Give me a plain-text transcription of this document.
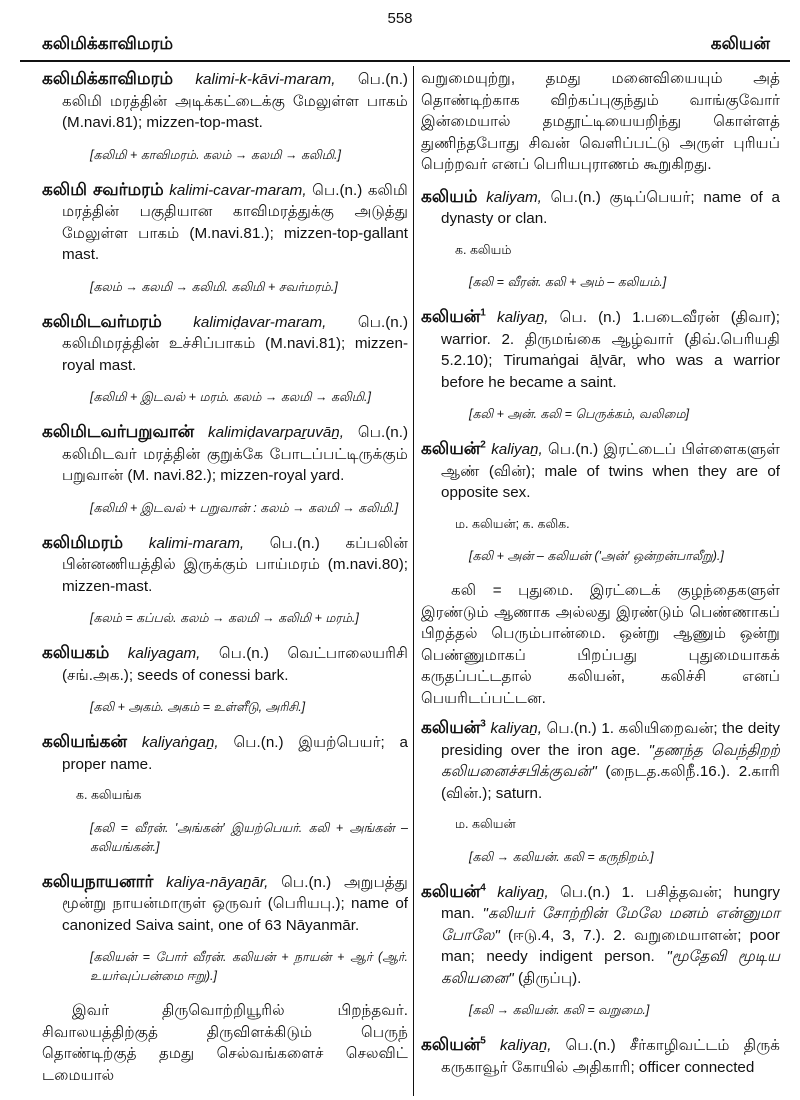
558
கலிமிக்காவிமரம்	கலியன்
கலிமிக்காவிமரம் kalimi-k-kāvi-maram, பெ.(n.) கலிமி மரத்தின் அடிக்கட்டைக்கு மேலுள்ள பாகம் (M.navi.81); mizzen-top-mast.
[கலிமி + காவிமரம். கலம் → கலமி → கலிமி.]
கலிமி சவர்மரம் kalimi-cavar-maram, பெ.(n.) கலிமி மரத்தின் பகுதியான காவிமரத்துக்கு அடுத்து மேலுள்ள பாகம் (M.navi.81.); mizzen-top-gallant mast.
[கலம் → கலமி → கலிமி. கலிமி + சவர்மரம்.]
கலிமிடவர்மரம் kalimiḍavar-maram, பெ.(n.) கலிமிமரத்தின் உச்சிப்பாகம் (M.navi.81); mizzen-royal mast.
[கலிமி + இடவல் + மரம். கலம் → கலமி → கலிமி.]
கலிமிடவர்பறுவான் kalimiḍavarpaṟuvāṉ, பெ.(n.) கலிமிடவர் மரத்தின் குறுக்கே போடப்பட்டிருக்கும் பறுவான் (M. navi.82.); mizzen-royal yard.
[கலிமி + இடவல் + பறுவான் : கலம் → கலமி → கலிமி.]
கலிமிமரம் kalimi-maram, பெ.(n.) கப்பலின் பின்னணியத்தில் இருக்கும் பாய்மரம் (m.navi.80); mizzen-mast.
[கலம் = கப்பல். கலம் → கலமி → கலிமி + மரம்.]
கலியகம் kaliyagam, பெ.(n.) வெட்பாலையரிசி (சங்.அக.); seeds of conessi bark.
[கலி + அகம். அகம் = உள்ளீடு, அரிசி.]
கலியங்கன் kaliyaṅgaṉ, பெ.(n.) இயற்பெயர்; a proper name.
க. கலியங்க
[கலி = வீரன். 'அங்கன்' இயற்பெயர். கலி + அங்கன் – கலியங்கன்.]
கலியநாயனார் kaliya-nāyaṉār, பெ.(n.) அறுபத்து மூன்று நாயன்மாருள் ஒருவர் (பெரியபு.); name of canonized Saiva saint, one of 63 Nāyanmār.
[கலியன் = போர் வீரன். கலியன் + நாயன் + ஆர் (ஆர். உயர்வுப்பன்மை ஈறு).]
இவர் திருவொற்றியூரில் பிறந்தவர். சிவாலயத்திற்குத் திருவிளக்கிடும் பெருந் தொண்டிற்குத் தமது செல்வங்களைச் செலவிட் டமையால்
வறுமையுற்று, தமது மனைவியையும் அத் தொண்டிற்காக விற்கப்புகுந்தும் வாங்குவோர் இன்மையால் தமதூட்டியையறிந்து கொள்ளத் துணிந்தபோது சிவன் வெளிப்பட்டு அருள் புரியப் பெற்றவர் எனப் பெரியபுராணம் கூறுகிறது.
கலியம் kaliyam, பெ.(n.) குடிப்பெயர்; name of a dynasty or clan.
க. கலியம்
[கலி = வீரன். கலி + அம் – கலியம்.]
கலியன்$^1$ kaliyaṉ, பெ. (n.) 1.படைவீரன் (திவா); warrior. 2. திருமங்கை ஆழ்வார் (திவ்.பெரியதி 5.2.10); Tirumaṅgai āḻvār, who was a warrior before he became a saint.
[கலி + அன். கலி = பெருக்கம், வலிமை]
கலியன்$^2$ kaliyaṉ, பெ.(n.) இரட்டைப் பிள்ளைகளுள் ஆண் (வின்); male of twins when they are of opposite sex.
ம. கலியன்; க. கலிக.
[கலி + அன் – கலியன் ('அன்' ஒன்றன்பாலீறு).]
கலி = புதுமை. இரட்டைக் குழந்தைகளுள் இரண்டும் ஆணாக அல்லது இரண்டும் பெண்ணாகப் பிறத்தல் பெரும்பான்மை. ஒன்று ஆணும் ஒன்று பெண்ணுமாகப் பிறப்பது புதுமையாகக் கருதப்பட்டதால் கலியன், கலிச்சி எனப் பெயரிடப்பட்டன.
கலியன்$^3$ kaliyaṉ, பெ.(n.) 1. கலியிறைவன்; the deity presiding over the iron age. "தணந்த வெந்திறற் கலியனைச்சபிக்குவன்" (நைடத.கலிநீ.16.). 2.காரி (வின்.); saturn.
ம. கலியன்
[கலி → கலியன். கலி = கருநிறம்.]
கலியன்$^4$ kaliyaṉ, பெ.(n.) 1. பசித்தவன்; hungry man. "கலியர் சோற்றின் மேலே மனம் என்னுமா போலே" (ஈடு.4, 3, 7.). 2. வறுமையாளன்; poor man; needy indigent person. "மூதேவி மூடிய கலியனை" (திருப்பு).
[கலி → கலியன். கலி = வறுமை.]
கலியன்$^5$ kaliyaṉ, பெ.(n.) சீர்காழிவட்டம் திருக் கருகாவூர் கோயில் அதிகாரி; officer connected
